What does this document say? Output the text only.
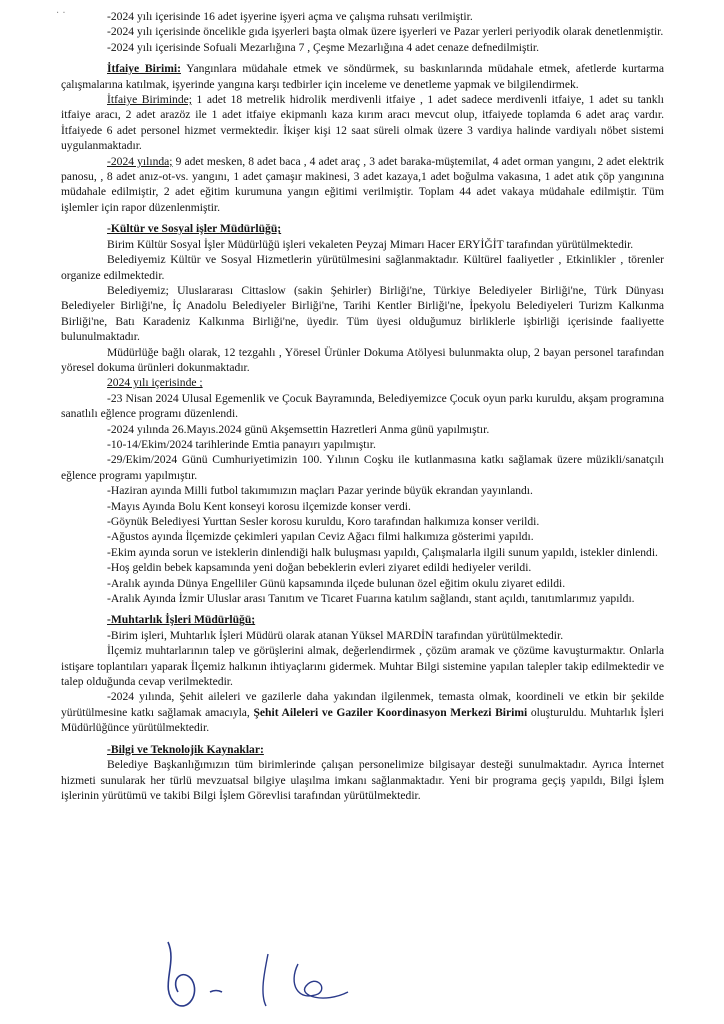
· ·	-2024 yılı içerisinde 16 adet işyerine işyeri açma ve çalışma ruhsatı verilmiştir.

-2024 yılı içerisinde öncelikle gıda işyerleri başta olmak üzere işyerleri ve Pazar yerleri periyodik olarak denetlenmiştir.

-2024 yılı içerisinde Sofuali Mezarlığına 7 , Çeşme Mezarlığına 4 adet cenaze defnedilmiştir.

İtfaiye Birimi: Yangınlara müdahale etmek ve söndürmek, su baskınlarında müdahale etmek, afetlerde kurtarma çalışmalarına katılmak, işyerinde yangına karşı tedbirler için inceleme ve denetleme yapmak ve bilgilendirmek.

İtfaiye Biriminde; 1 adet 18 metrelik hidrolik merdivenli itfaiye , 1 adet sadece merdivenli itfaiye, 1 adet su tanklı itfaiye aracı, 2 adet arazöz ile 1 adet itfaiye ekipmanlı kaza kırım aracı mevcut olup, itfaiyede toplamda 6 adet araç vardır. İtfaiyede 6 adet personel hizmet vermektedir. İkişer kişi 12 saat süreli olmak üzere 3 vardiya halinde vardiyalı nöbet sistemi uygulanmaktadır.

-2024 yılında; 9 adet mesken, 8 adet baca , 4 adet araç , 3 adet baraka-müştemilat, 4 adet orman yangını, 2 adet elektrik panosu, , 8 adet anız-ot-vs. yangını, 1 adet çamaşır makinesi, 3 adet kazaya,1 adet boğulma vakasına, 1 adet atık çöp yangınına müdahale edilmiştir, 2 adet eğitim kurumuna yangın eğitimi verilmiştir. Toplam 44 adet vakaya müdahale edilmiştir. Tüm işlemler için rapor düzenlenmiştir.

-Kültür ve Sosyal işler Müdürlüğü;

Birim Kültür Sosyal İşler Müdürlüğü işleri vekaleten Peyzaj Mimarı Hacer ERYİĞİT tarafından yürütülmektedir.

Belediyemiz Kültür ve Sosyal Hizmetlerin yürütülmesini sağlanmaktadır. Kültürel faaliyetler , Etkinlikler , törenler organize edilmektedir.

Belediyemiz; Uluslararası Cittaslow (sakin Şehirler) Birliği'ne, Türkiye Belediyeler Birliği'ne, Türk Dünyası Belediyeler Birliği'ne, İç Anadolu Belediyeler Birliği'ne, Tarihi Kentler Birliği'ne, İpekyolu Belediyeleri Turizm Kalkınma Birliği'ne, Batı Karadeniz Kalkınma Birliği'ne, üyedir. Tüm üyesi olduğumuz birliklerle işbirliği içerisinde faaliyette bulunulmaktadır.

Müdürlüğe bağlı olarak, 12 tezgahlı , Yöresel Ürünler Dokuma Atölyesi bulunmakta olup, 2 bayan personel tarafından yöresel dokuma ürünleri dokunmaktadır.

2024 yılı içerisinde ;

-23 Nisan 2024 Ulusal Egemenlik ve Çocuk Bayramında, Belediyemizce Çocuk oyun parkı kuruldu, akşam programına sanatlılı eğlence programı düzenlendi.

-2024 yılında 26.Mayıs.2024 günü Akşemsettin Hazretleri Anma günü yapılmıştır.

-10-14/Ekim/2024 tarihlerinde Emtia panayırı yapılmıştır.

-29/Ekim/2024 Günü Cumhuriyetimizin 100. Yılının Coşku ile kutlanmasına katkı sağlamak üzere müzikli/sanatçılı eğlence programı yapılmıştır.

-Haziran ayında Milli futbol takımımızın maçları Pazar yerinde büyük ekrandan yayınlandı.

-Mayıs Ayında Bolu Kent konseyi korosu ilçemizde konser verdi.

-Göynük Belediyesi Yurttan Sesler korosu kuruldu, Koro tarafından halkımıza konser verildi.

-Ağustos ayında İlçemizde çekimleri yapılan Ceviz Ağacı filmi halkımıza gösterimi yapıldı.

-Ekim ayında sorun ve isteklerin dinlendiği halk buluşması yapıldı, Çalışmalarla ilgili sunum yapıldı, istekler dinlendi.

-Hoş geldin bebek kapsamında yeni doğan bebeklerin evleri ziyaret edildi hediyeler verildi.

-Aralık ayında Dünya Engelliler Günü kapsamında ilçede bulunan özel eğitim okulu ziyaret edildi.

-Aralık Ayında İzmir Uluslar arası Tanıtım ve Ticaret Fuarına katılım sağlandı, stant açıldı, tanıtımlarımız yapıldı.

-Muhtarlık İşleri Müdürlüğü;

-Birim işleri, Muhtarlık İşleri Müdürü olarak atanan Yüksel MARDİN tarafından yürütülmektedir.

İlçemiz muhtarlarının talep ve görüşlerini almak, değerlendirmek , çözüm aramak ve çözüme kavuşturmaktır. Onlarla istişare toplantıları yaparak İlçemiz halkının ihtiyaçlarını gidermek. Muhtar Bilgi sistemine yapılan talepler takip edilmektedir ve talep olduğunda cevap verilmektedir.

-2024 yılında, Şehit aileleri ve gazilerle daha yakından ilgilenmek, temasta olmak, koordineli ve etkin bir şekilde yürütülmesine katkı sağlamak amacıyla, Şehit Aileleri ve Gaziler Koordinasyon Merkezi Birimi oluşturuldu. Muhtarlık İşleri Müdürlüğünce yürütülmektedir.

-Bilgi ve Teknolojik Kaynaklar:

Belediye Başkanlığımızın tüm birimlerinde çalışan personelimize bilgisayar desteği sunulmaktadır. Ayrıca İnternet hizmeti sunularak her türlü mevzuatsal bilgiye ulaşılma imkanı sağlanmaktadır. Yeni bir programa geçiş yapıldı, Bilgi İşlem işlerinin yürütümü ve takibi Bilgi İşlem Görevlisi tarafından yürütülmektedir.
